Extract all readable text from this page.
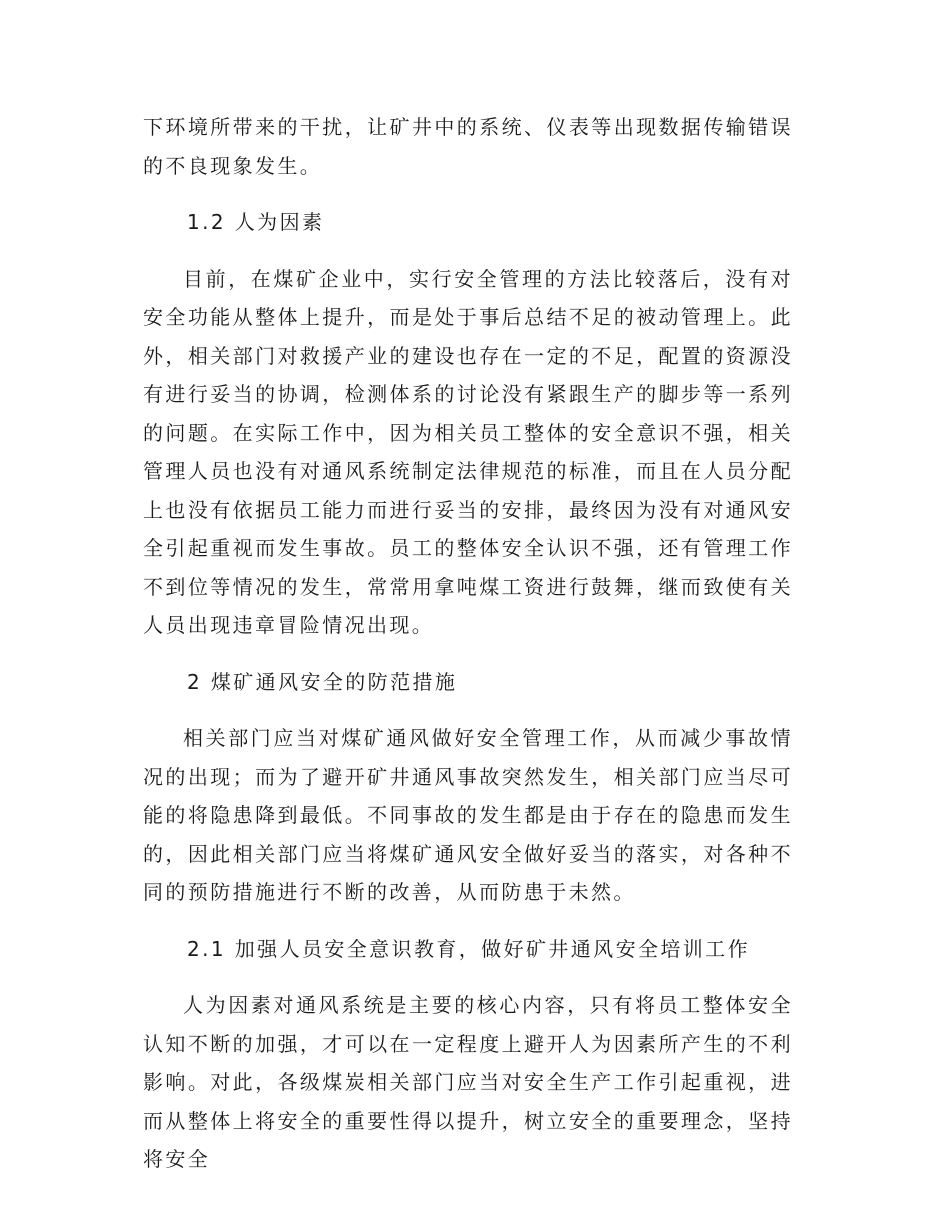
下环境所带来的干扰，让矿井中的系统、仪表等出现数据传输错误的不良现象发生。

1.2 人为因素

目前，在煤矿企业中，实行安全管理的方法比较落后，没有对安全功能从整体上提升，而是处于事后总结不足的被动管理上。此外，相关部门对救援产业的建设也存在一定的不足，配置的资源没有进行妥当的协调，检测体系的讨论没有紧跟生产的脚步等一系列的问题。在实际工作中，因为相关员工整体的安全意识不强，相关管理人员也没有对通风系统制定法律规范的标准，而且在人员分配上也没有依据员工能力而进行妥当的安排，最终因为没有对通风安全引起重视而发生事故。员工的整体安全认识不强，还有管理工作不到位等情况的发生，常常用拿吨煤工资进行鼓舞，继而致使有关人员出现违章冒险情况出现。

2 煤矿通风安全的防范措施

相关部门应当对煤矿通风做好安全管理工作，从而减少事故情况的出现；而为了避开矿井通风事故突然发生，相关部门应当尽可能的将隐患降到最低。不同事故的发生都是由于存在的隐患而发生的，因此相关部门应当将煤矿通风安全做好妥当的落实，对各种不同的预防措施进行不断的改善，从而防患于未然。

2.1 加强人员安全意识教育，做好矿井通风安全培训工作

人为因素对通风系统是主要的核心内容，只有将员工整体安全认知不断的加强，才可以在一定程度上避开人为因素所产生的不利影响。对此，各级煤炭相关部门应当对安全生产工作引起重视，进而从整体上将安全的重要性得以提升，树立安全的重要理念，坚持将安全
